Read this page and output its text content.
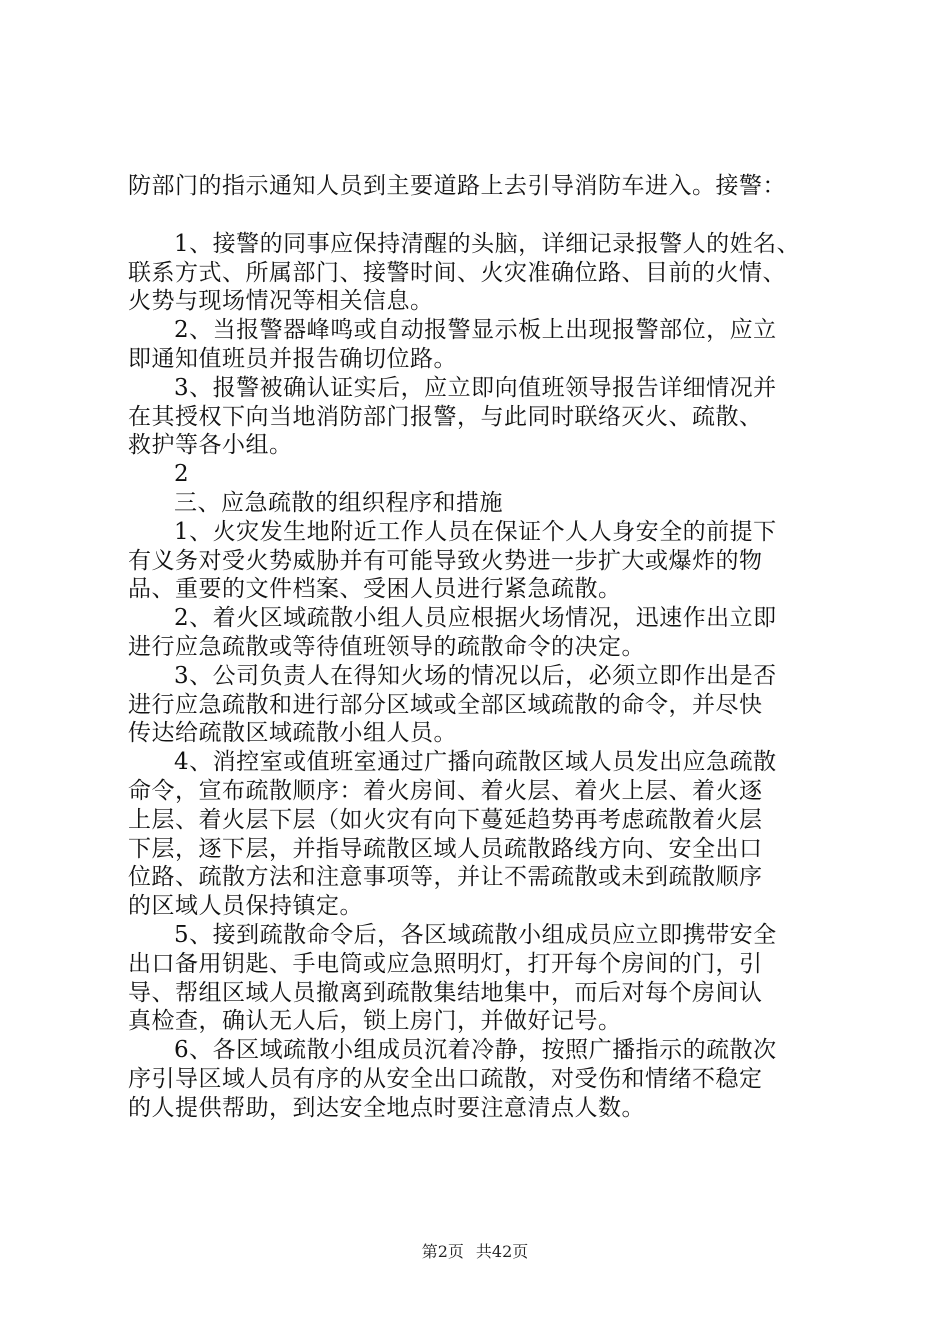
防部门的指示通知人员到主要道路上去引导消防车进入。接警：
1、接警的同事应保持清醒的头脑，详细记录报警人的姓名、
联系方式、所属部门、接警时间、火灾准确位路、目前的火情、
火势与现场情况等相关信息。
2、当报警器峰鸣或自动报警显示板上出现报警部位，应立
即通知值班员并报告确切位路。
3、报警被确认证实后，应立即向值班领导报告详细情况并
在其授权下向当地消防部门报警，与此同时联络灭火、疏散、
救护等各小组。
2
三、应急疏散的组织程序和措施
1、火灾发生地附近工作人员在保证个人人身安全的前提下
有义务对受火势威胁并有可能导致火势进一步扩大或爆炸的物
品、重要的文件档案、受困人员进行紧急疏散。
2、着火区域疏散小组人员应根据火场情况，迅速作出立即
进行应急疏散或等待值班领导的疏散命令的决定。
3、公司负责人在得知火场的情况以后，必须立即作出是否
进行应急疏散和进行部分区域或全部区域疏散的命令，并尽快
传达给疏散区域疏散小组人员。
4、消控室或值班室通过广播向疏散区域人员发出应急疏散
命令，宣布疏散顺序：着火房间、着火层、着火上层、着火逐
上层、着火层下层（如火灾有向下蔓延趋势再考虑疏散着火层
下层，逐下层，并指导疏散区域人员疏散路线方向、安全出口
位路、疏散方法和注意事项等，并让不需疏散或未到疏散顺序
的区域人员保持镇定。
5、接到疏散命令后，各区域疏散小组成员应立即携带安全
出口备用钥匙、手电筒或应急照明灯，打开每个房间的门，引
导、帮组区域人员撤离到疏散集结地集中，而后对每个房间认
真检查，确认无人后，锁上房门，并做好记号。
6、各区域疏散小组成员沉着冷静，按照广播指示的疏散次
序引导区域人员有序的从安全出口疏散，对受伤和情绪不稳定
的人提供帮助，到达安全地点时要注意清点人数。
第2页 共42页
